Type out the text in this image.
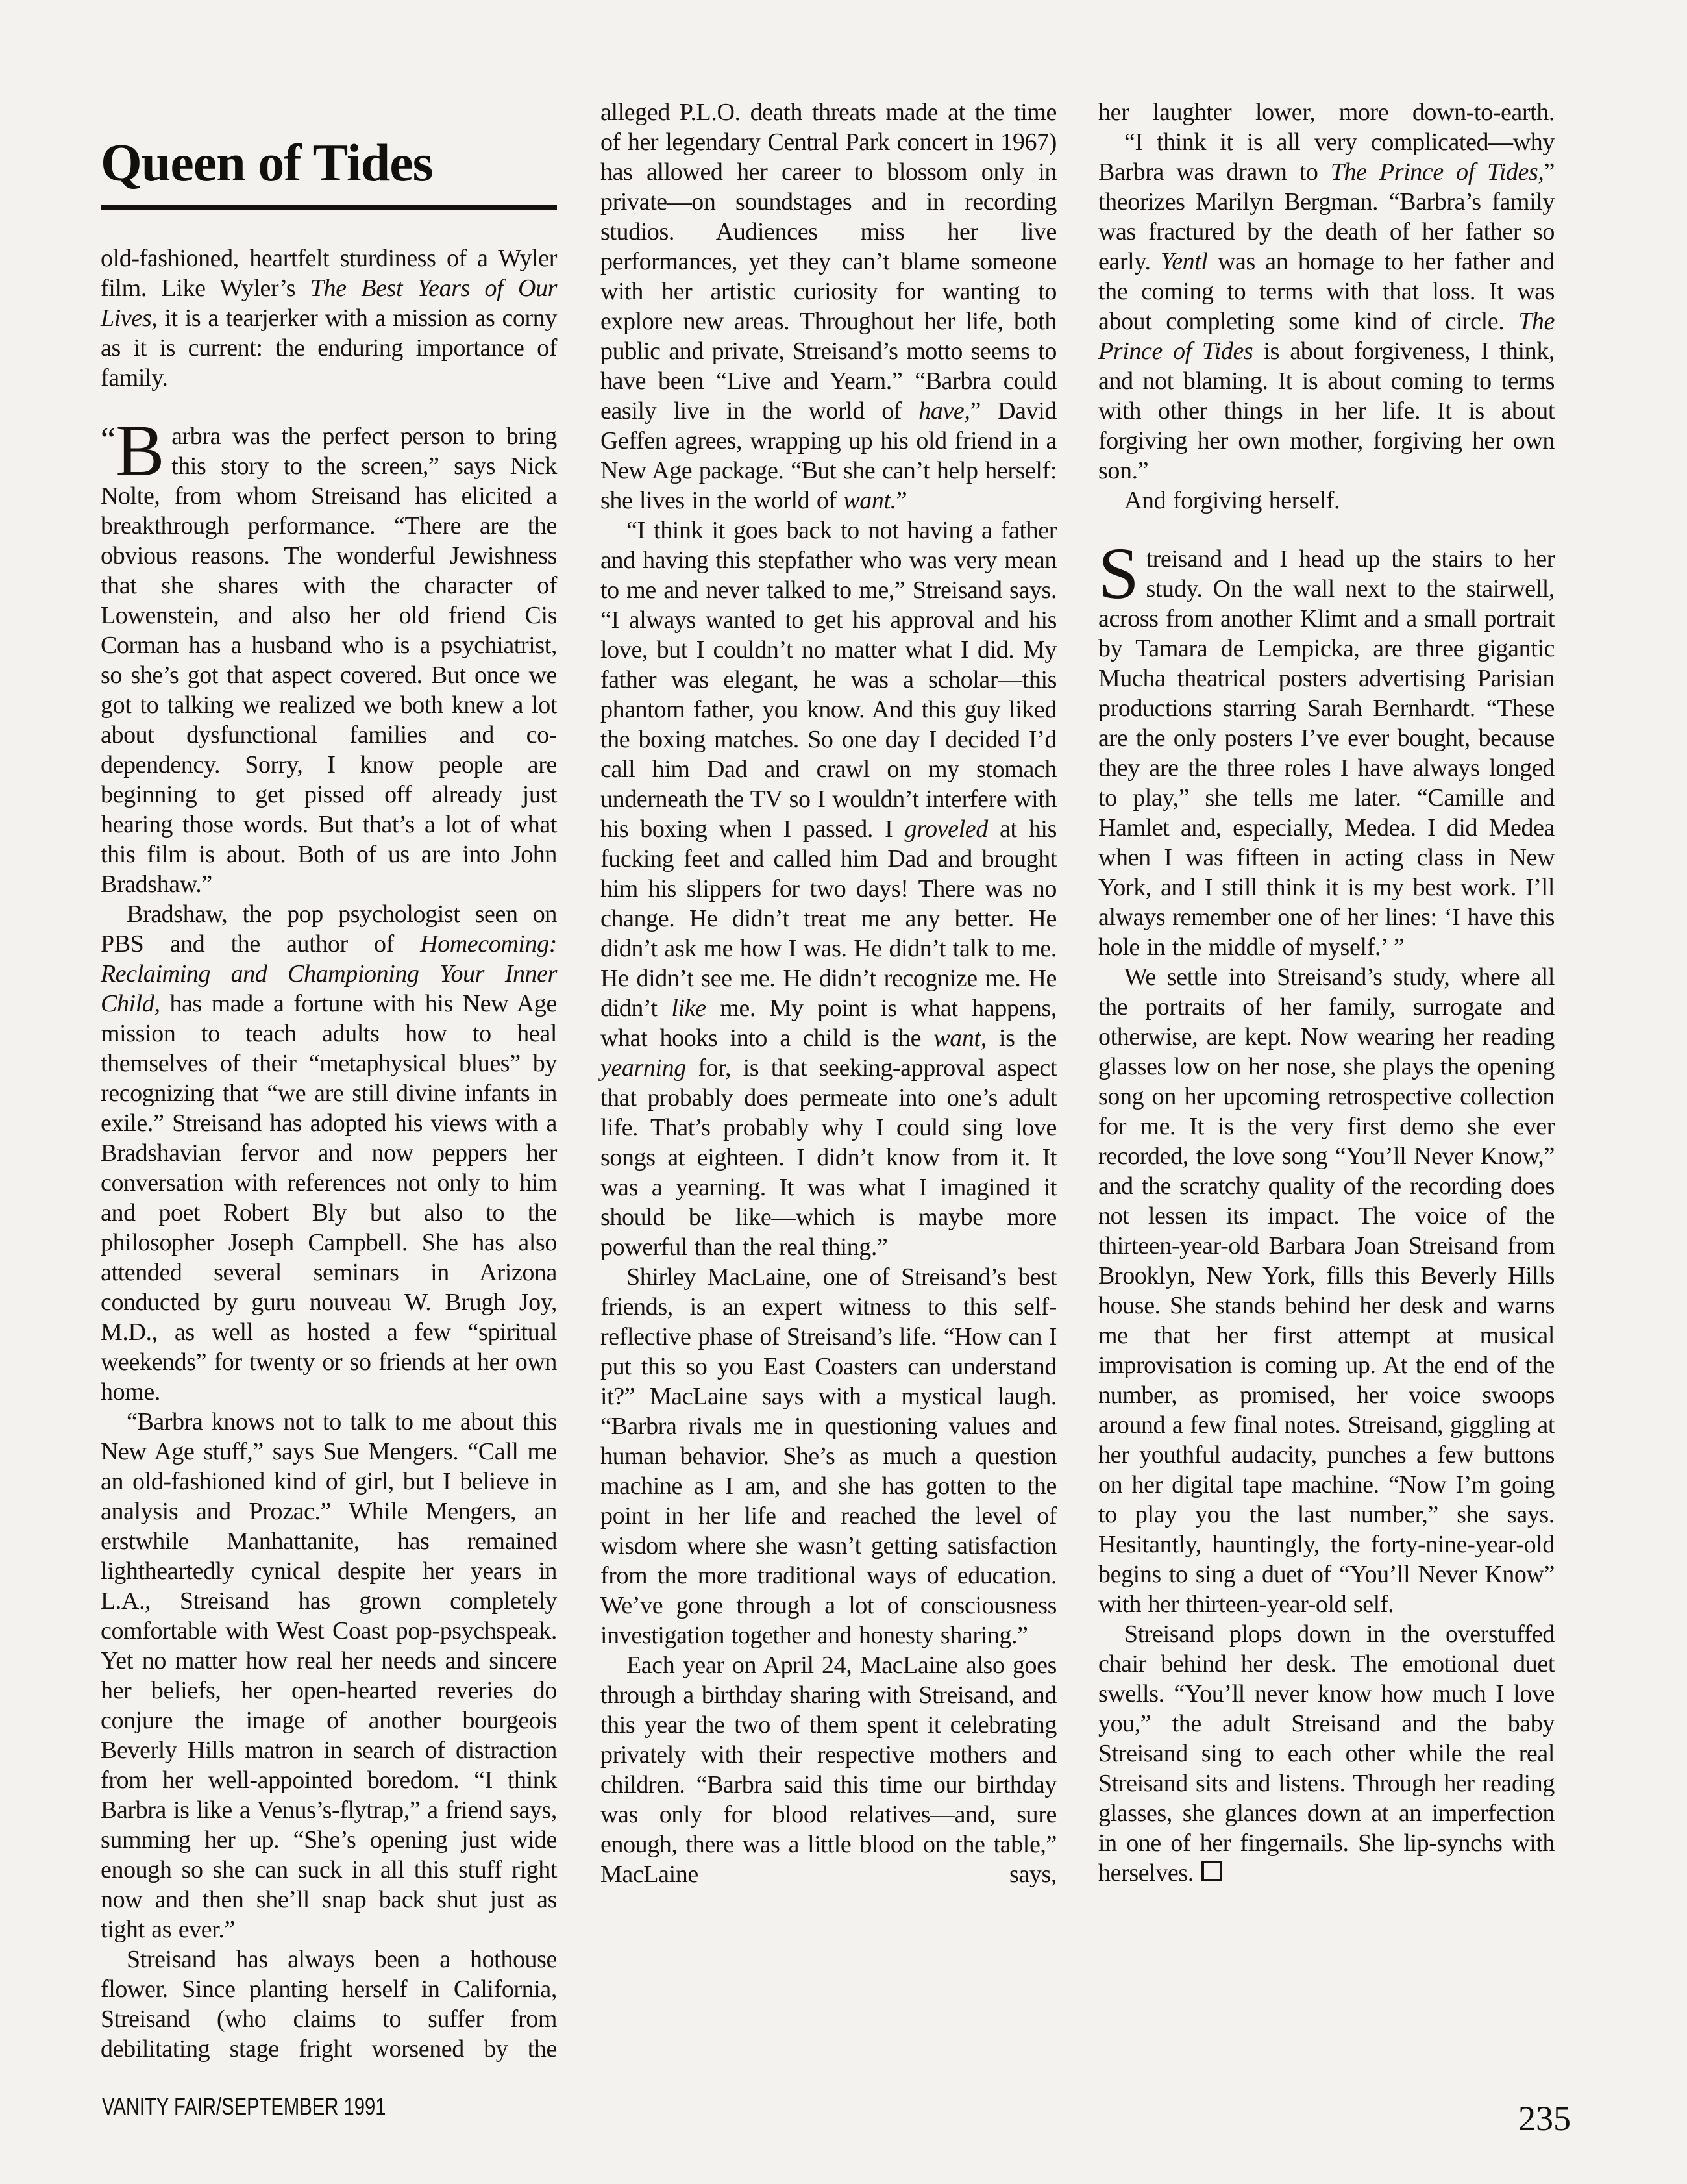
Queen of Tides

old-fashioned, heartfelt sturdiness of a Wyler film. Like Wyler’s The Best Years of Our Lives, it is a tearjerker with a mission as corny as it is current: the enduring importance of family.

“ B arbra was the perfect person to bring this story to the screen,” says Nick Nolte, from whom Streisand has elicited a breakthrough performance. “There are the obvious reasons. The wonderful Jewishness that she shares with the character of Lowenstein, and also her old friend Cis Corman has a husband who is a psychiatrist, so she’s got that aspect covered. But once we got to talking we realized we both knew a lot about dysfunctional families and co-dependency. Sorry, I know people are beginning to get pissed off already just hearing those words. But that’s a lot of what this film is about. Both of us are into John Bradshaw.”

Bradshaw, the pop psychologist seen on PBS and the author of Homecoming: Reclaiming and Championing Your Inner Child, has made a fortune with his New Age mission to teach adults how to heal themselves of their “metaphysical blues” by recognizing that “we are still divine infants in exile.” Streisand has adopted his views with a Bradshavian fervor and now peppers her conversation with references not only to him and poet Robert Bly but also to the philosopher Joseph Campbell. She has also attended several seminars in Arizona conducted by guru nouveau W. Brugh Joy, M.D., as well as hosted a few “spiritual weekends” for twenty or so friends at her own home.

“Barbra knows not to talk to me about this New Age stuff,” says Sue Mengers. “Call me an old-fashioned kind of girl, but I believe in analysis and Prozac.” While Mengers, an erstwhile Manhattanite, has remained lightheartedly cynical despite her years in L.A., Streisand has grown completely comfortable with West Coast pop-psychspeak. Yet no matter how real her needs and sincere her beliefs, her open-hearted reveries do conjure the image of another bourgeois Beverly Hills matron in search of distraction from her well-appointed boredom. “I think Barbra is like a Venus’s-flytrap,” a friend says, summing her up. “She’s opening just wide enough so she can suck in all this stuff right now and then she’ll snap back shut just as tight as ever.”

Streisand has always been a hothouse flower. Since planting herself in California, Streisand (who claims to suffer from debilitating stage fright worsened by the

alleged P.L.O. death threats made at the time of her legendary Central Park concert in 1967) has allowed her career to blossom only in private—on soundstages and in recording studios. Audiences miss her live performances, yet they can’t blame someone with her artistic curiosity for wanting to explore new areas. Throughout her life, both public and private, Streisand’s motto seems to have been “Live and Yearn.” “Barbra could easily live in the world of have,” David Geffen agrees, wrapping up his old friend in a New Age package. “But she can’t help herself: she lives in the world of want.”

“I think it goes back to not having a father and having this stepfather who was very mean to me and never talked to me,” Streisand says. “I always wanted to get his approval and his love, but I couldn’t no matter what I did. My father was elegant, he was a scholar—this phantom father, you know. And this guy liked the boxing matches. So one day I decided I’d call him Dad and crawl on my stomach underneath the TV so I wouldn’t interfere with his boxing when I passed. I groveled at his fucking feet and called him Dad and brought him his slippers for two days! There was no change. He didn’t treat me any better. He didn’t ask me how I was. He didn’t talk to me. He didn’t see me. He didn’t recognize me. He didn’t like me. My point is what happens, what hooks into a child is the want, is the yearning for, is that seeking-approval aspect that probably does permeate into one’s adult life. That’s probably why I could sing love songs at eighteen. I didn’t know from it. It was a yearning. It was what I imagined it should be like—which is maybe more powerful than the real thing.”

Shirley MacLaine, one of Streisand’s best friends, is an expert witness to this self-reflective phase of Streisand’s life. “How can I put this so you East Coasters can understand it?” MacLaine says with a mystical laugh. “Barbra rivals me in questioning values and human behavior. She’s as much a question machine as I am, and she has gotten to the point in her life and reached the level of wisdom where she wasn’t getting satisfaction from the more traditional ways of education. We’ve gone through a lot of consciousness investigation together and honesty sharing.”

Each year on April 24, MacLaine also goes through a birthday sharing with Streisand, and this year the two of them spent it celebrating privately with their respective mothers and children. “Barbra said this time our birthday was only for blood relatives—and, sure enough, there was a little blood on the table,” MacLaine says,

her laughter lower, more down-to-earth.

“I think it is all very complicated—why Barbra was drawn to The Prince of Tides,” theorizes Marilyn Bergman. “Barbra’s family was fractured by the death of her father so early. Yentl was an homage to her father and the coming to terms with that loss. It was about completing some kind of circle. The Prince of Tides is about forgiveness, I think, and not blaming. It is about coming to terms with other things in her life. It is about forgiving her own mother, forgiving her own son.”

And forgiving herself.

S treisand and I head up the stairs to her study. On the wall next to the stairwell, across from another Klimt and a small portrait by Tamara de Lempicka, are three gigantic Mucha theatrical posters advertising Parisian productions starring Sarah Bernhardt. “These are the only posters I’ve ever bought, because they are the three roles I have always longed to play,” she tells me later. “Camille and Hamlet and, especially, Medea. I did Medea when I was fifteen in acting class in New York, and I still think it is my best work. I’ll always remember one of her lines: ‘I have this hole in the middle of myself.’ ”

We settle into Streisand’s study, where all the portraits of her family, surrogate and otherwise, are kept. Now wearing her reading glasses low on her nose, she plays the opening song on her upcoming retrospective collection for me. It is the very first demo she ever recorded, the love song “You’ll Never Know,” and the scratchy quality of the recording does not lessen its impact. The voice of the thirteen-year-old Barbara Joan Streisand from Brooklyn, New York, fills this Beverly Hills house. She stands behind her desk and warns me that her first attempt at musical improvisation is coming up. At the end of the number, as promised, her voice swoops around a few final notes. Streisand, giggling at her youthful audacity, punches a few buttons on her digital tape machine. “Now I’m going to play you the last number,” she says. Hesitantly, hauntingly, the forty-nine-year-old begins to sing a duet of “You’ll Never Know” with her thirteen-year-old self.

Streisand plops down in the overstuffed chair behind her desk. The emotional duet swells. “You’ll never know how much I love you,” the adult Streisand and the baby Streisand sing to each other while the real Streisand sits and listens. Through her reading glasses, she glances down at an imperfection in one of her fingernails. She lip-synchs with herselves.

VANITY FAIR/SEPTEMBER 1991	235
